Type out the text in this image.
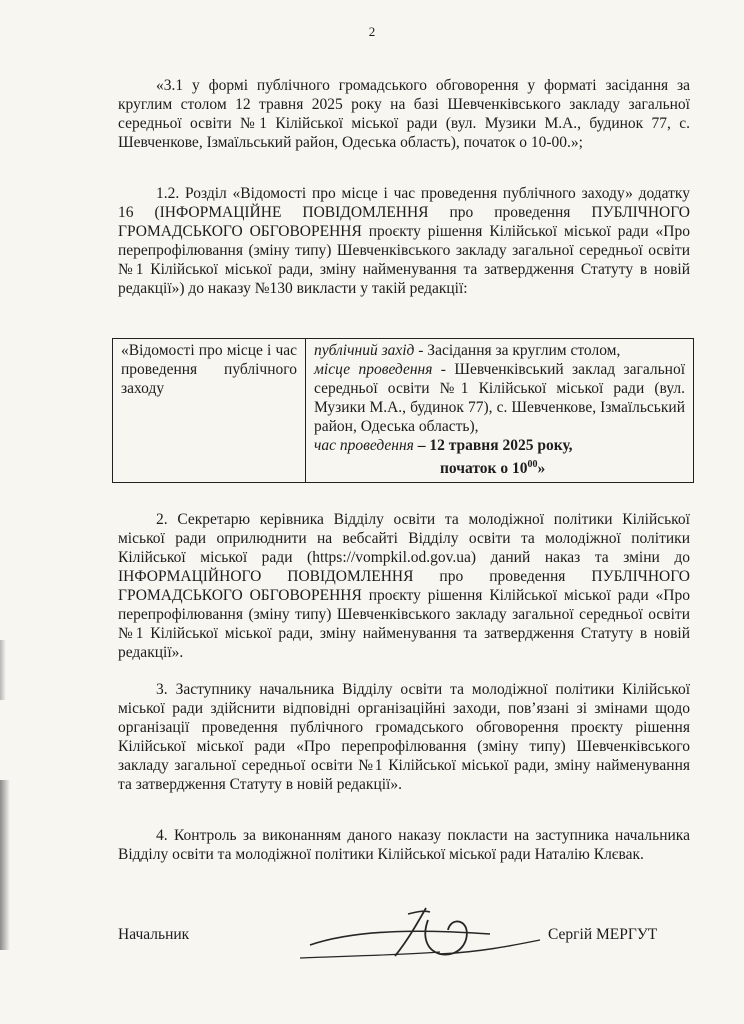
2
«3.1 у формі публічного громадського обговорення у форматі засідання за круглим столом 12 травня 2025 року на базі Шевченківського закладу загальної середньої освіти №1 Кілійської міської ради (вул. Музики М.А., будинок 77, с. Шевченкове, Ізмаїльський район, Одеська область), початок о 10-00.»;
1.2. Розділ «Відомості про місце і час проведення публічного заходу» додатку 16 (ІНФОРМАЦІЙНЕ ПОВІДОМЛЕННЯ про проведення ПУБЛІЧНОГО ГРОМАДСЬКОГО ОБГОВОРЕННЯ проєкту рішення Кілійської міської ради «Про перепрофілювання (зміну типу) Шевченківського закладу загальної середньої освіти №1 Кілійської міської ради, зміну найменування та затвердження Статуту в новій редакції») до наказу №130 викласти у такій редакції:
«Відомості про місце і час проведення публічного заходу	публічний захід - Засідання за круглим столом,
місце проведення - Шевченківський заклад загальної середньої освіти №1 Кілійської міської ради (вул. Музики М.А., будинок 77), с. Шевченкове, Ізмаїльський район, Одеська область),
час проведення – 12 травня 2025 року,
початок о $10^{00}$»
2. Секретарю керівника Відділу освіти та молодіжної політики Кілійської міської ради оприлюднити на вебсайті Відділу освіти та молодіжної політики Кілійської міської ради (https://vompkil.od.gov.ua) даний наказ та зміни до ІНФОРМАЦІЙНОГО ПОВІДОМЛЕННЯ про проведення ПУБЛІЧНОГО ГРОМАДСЬКОГО ОБГОВОРЕННЯ проєкту рішення Кілійської міської ради «Про перепрофілювання (зміну типу) Шевченківського закладу загальної середньої освіти №1 Кілійської міської ради, зміну найменування та затвердження Статуту в новій редакції».
3. Заступнику начальника Відділу освіти та молодіжної політики Кілійської міської ради здійснити відповідні організаційні заходи, пов’язані зі змінами щодо організації проведення публічного громадського обговорення проєкту рішення Кілійської міської ради «Про перепрофілювання (зміну типу) Шевченківського закладу загальної середньої освіти №1 Кілійської міської ради, зміну найменування та затвердження Статуту в новій редакції».
4. Контроль за виконанням даного наказу покласти на заступника начальника Відділу освіти та молодіжної політики Кілійської міської ради Наталію Клєвак.
Начальник	Сергій МЕРГУТ
